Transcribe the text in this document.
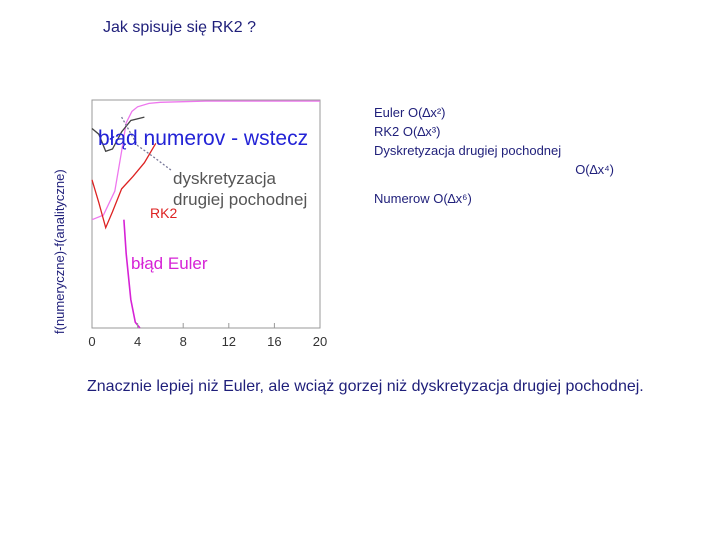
Jak spisuje się RK2 ?
f(numeryczne)-f(analityczne)
0	4	8	12 16 20
błąd numerov - wstecz
dyskretyzacja
drugiej pochodnej
RK2
błąd Euler
Euler O(∆x²)
RK2 O(∆x³)
Dyskretyzacja drugiej pochodnej
O(∆x⁴)
Numerow O(∆x⁶)
Znacznie lepiej niż Euler, ale wciąż gorzej niż dyskretyzacja drugiej pochodnej.
